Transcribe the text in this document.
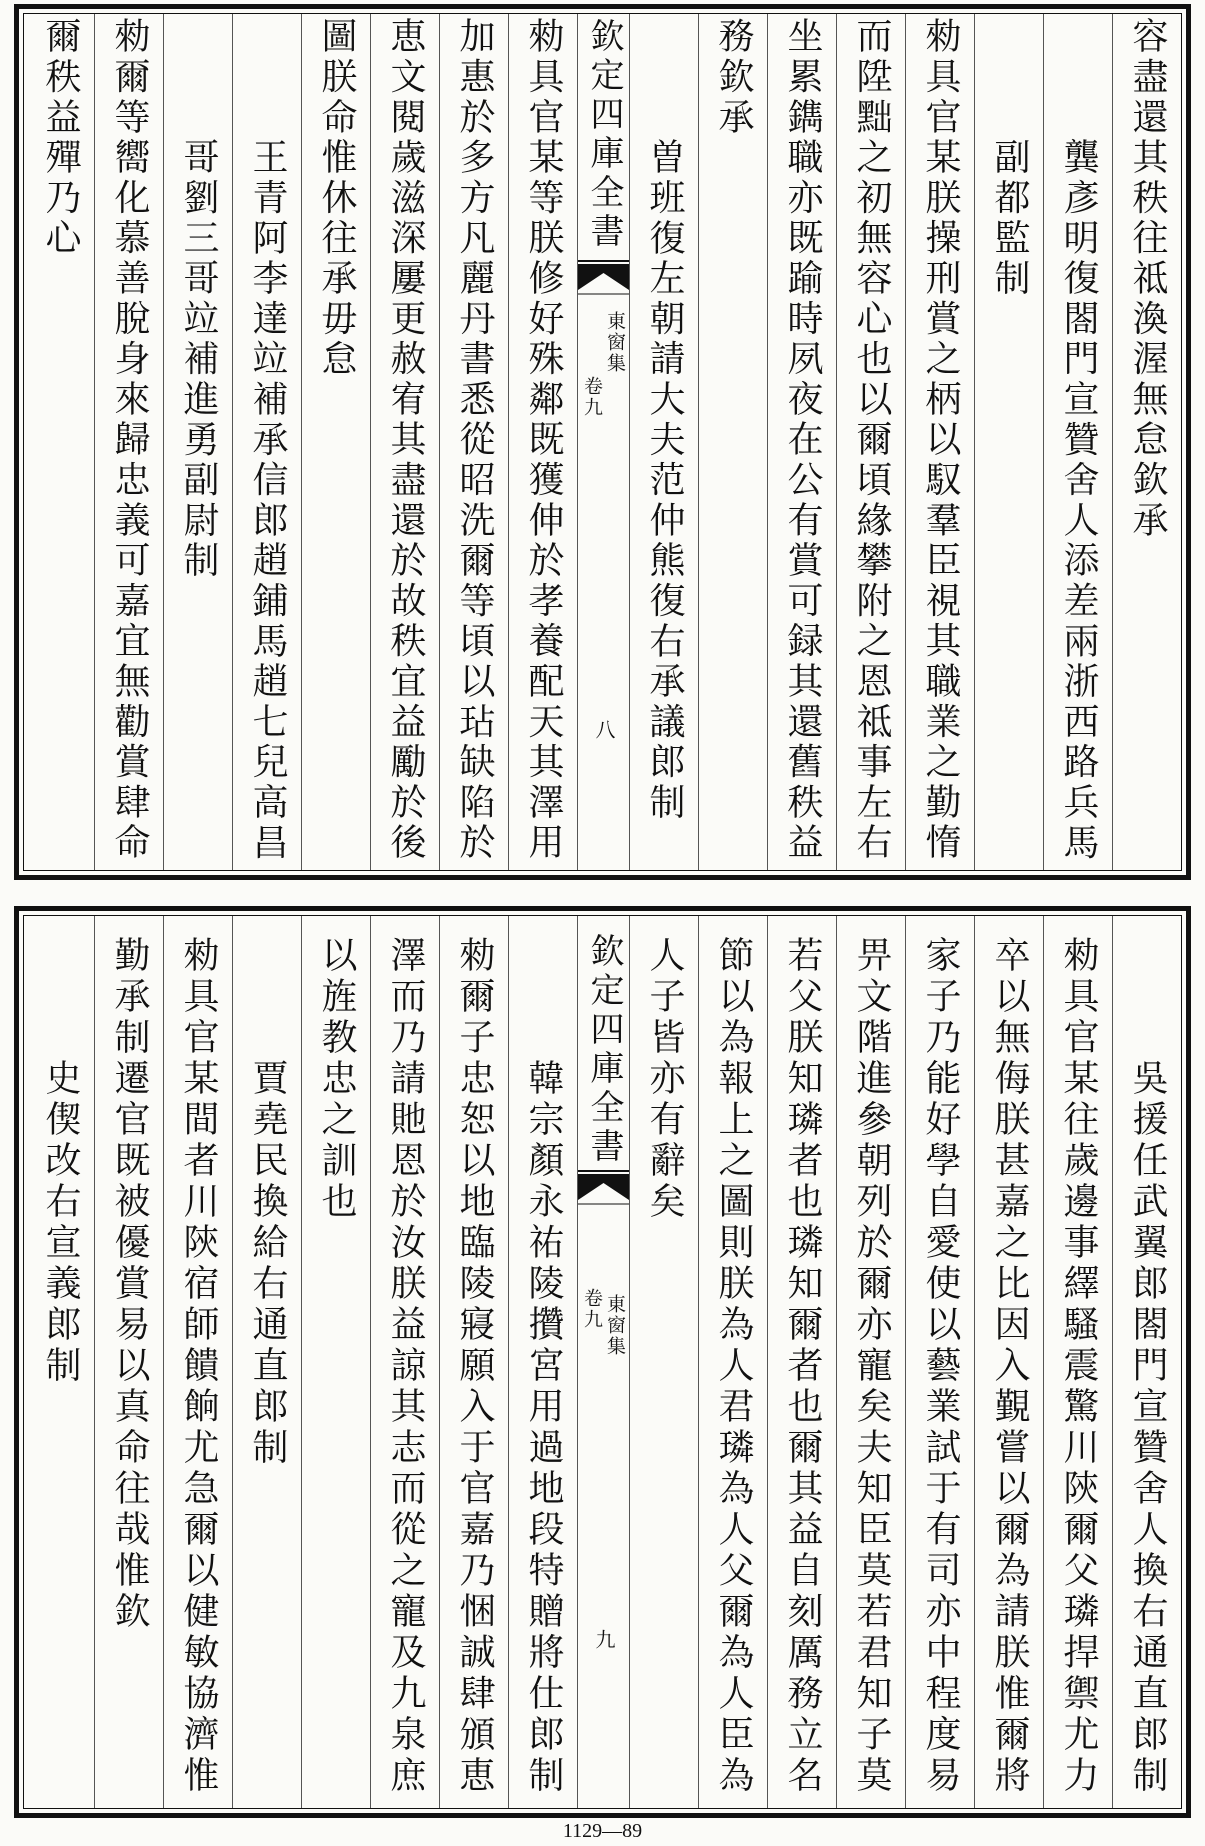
容盡還其秩往祗渙渥無怠欽承
龔彥明復閤門宣贊舍人添差兩浙西路兵馬
副都監制
勑具官某朕操刑賞之柄以馭羣臣視其職業之勤惰
而陞黜之初無容心也以爾頃緣攀附之恩祗事左右
坐累鐫職亦既踰時夙夜在公有賞可録其還舊秩益
務欽承
曽班復左朝請大夫范仲熊復右承議郎制
欽定四庫全書
東窗集
卷九
八
勑具官某等朕修好殊鄰既獲伸於孝養配天其澤用
加惠於多方凡麗丹書悉從昭洗爾等頃以玷缺陷於
恵文閱歲滋深屢更赦宥其盡還於故秩宜益勵於後
圖朕命惟休往承毋怠
王青阿李達竝補承信郎趙鋪馬趙七兒高昌
哥劉三哥竝補進勇副尉制
勑爾等嚮化慕善脫身來歸忠義可嘉宜無勸賞肆命
爾秩益殫乃心
吳援任武翼郎閤門宣贊舍人換右通直郎制
勑具官某往歲邊事繹騷震驚川陝爾父璘捍禦尤力
卒以無侮朕甚嘉之比因入覲嘗以爾為請朕惟爾將
家子乃能好學自愛使以藝業試于有司亦中程度易
畀文階進參朝列於爾亦寵矣夫知臣莫若君知子莫
若父朕知璘者也璘知爾者也爾其益自刻厲務立名
節以為報上之圖則朕為人君璘為人父爾為人臣為
人子皆亦有辭矣
欽定四庫全書
東窗集
卷九
九
韓宗顏永祐陵攢宮用過地段特贈將仕郎制
勑爾子忠恕以地臨陵寢願入于官嘉乃悃誠肆頒恵
澤而乃請貤恩於汝朕益諒其志而從之寵及九泉庶
以旌教忠之訓也
賈堯民換給右通直郎制
勑具官某間者川陝宿師饋餉尤急爾以健敏協濟惟
勤承制遷官既被優賞易以真命往哉惟欽
史偰改右宣義郎制
1129—89
